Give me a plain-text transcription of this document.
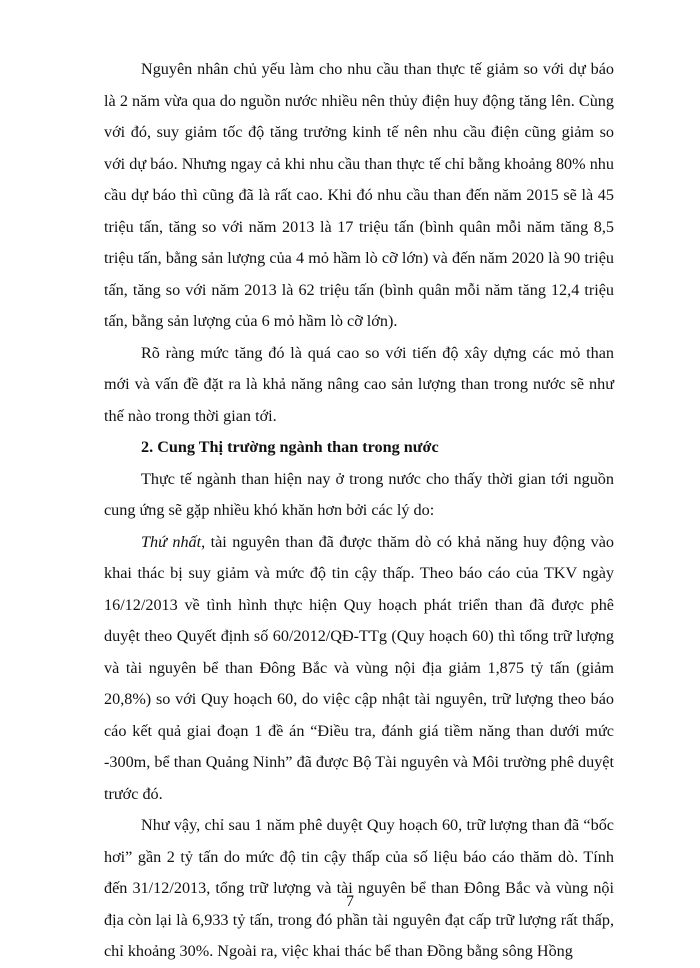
Nguyên nhân chủ yếu làm cho nhu cầu than thực tế giảm so với dự báo là 2 năm vừa qua do nguồn nước nhiều nên thủy điện huy động tăng lên. Cùng với đó, suy giảm tốc độ tăng trưởng kinh tế nên nhu cầu điện cũng giảm so với dự báo. Nhưng ngay cả khi nhu cầu than thực tế chỉ bằng khoảng 80% nhu cầu dự báo thì cũng đã là rất cao. Khi đó nhu cầu than đến năm 2015 sẽ là 45 triệu tấn, tăng so với năm 2013 là 17 triệu tấn (bình quân mỗi năm tăng 8,5 triệu tấn, bằng sản lượng của 4 mỏ hầm lò cỡ lớn) và đến năm 2020 là 90 triệu tấn, tăng so với năm 2013 là 62 triệu tấn (bình quân mỗi năm tăng 12,4 triệu tấn, bằng sản lượng của 6 mỏ hầm lò cỡ lớn).

Rõ ràng mức tăng đó là quá cao so với tiến độ xây dựng các mỏ than mới và vấn đề đặt ra là khả năng nâng cao sản lượng than trong nước sẽ như thế nào trong thời gian tới.

2. Cung Thị trường ngành than trong nước

Thực tế ngành than hiện nay ở trong nước cho thấy thời gian tới nguồn cung ứng sẽ gặp nhiều khó khăn hơn bởi các lý do:

Thứ nhất, tài nguyên than đã được thăm dò có khả năng huy động vào khai thác bị suy giảm và mức độ tin cậy thấp. Theo báo cáo của TKV ngày 16/12/2013 về tình hình thực hiện Quy hoạch phát triển than đã được phê duyệt theo Quyết định số 60/2012/QĐ-TTg (Quy hoạch 60) thì tổng trữ lượng và tài nguyên bể than Đông Bắc và vùng nội địa giảm 1,875 tỷ tấn (giảm 20,8%) so với Quy hoạch 60, do việc cập nhật tài nguyên, trữ lượng theo báo cáo kết quả giai đoạn 1 đề án “Điều tra, đánh giá tiềm năng than dưới mức -300m, bể than Quảng Ninh” đã được Bộ Tài nguyên và Môi trường phê duyệt trước đó.

Như vậy, chỉ sau 1 năm phê duyệt Quy hoạch 60, trữ lượng than đã “bốc hơi” gần 2 tỷ tấn do mức độ tin cậy thấp của số liệu báo cáo thăm dò. Tính đến 31/12/2013, tổng trữ lượng và tài nguyên bể than Đông Bắc và vùng nội địa còn lại là 6,933 tỷ tấn, trong đó phần tài nguyên đạt cấp trữ lượng rất thấp, chỉ khoảng 30%. Ngoài ra, việc khai thác bể than Đồng bằng sông Hồng

7
